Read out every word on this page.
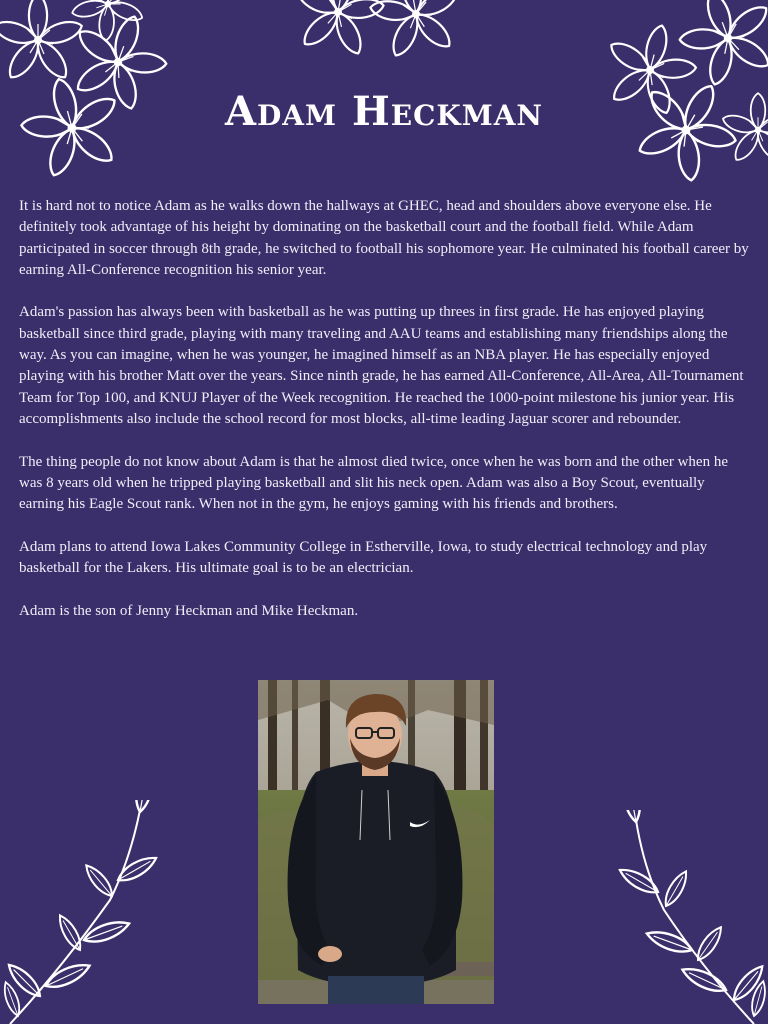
Adam Heckman

It is hard not to notice Adam as he walks down the hallways at GHEC, head and shoulders above everyone else. He definitely took advantage of his height by dominating on the basketball court and the football field. While Adam participated in soccer through 8th grade, he switched to football his sophomore year. He culminated his football career by earning All-Conference recognition his senior year.

Adam's passion has always been with basketball as he was putting up threes in first grade. He has enjoyed playing basketball since third grade, playing with many traveling and AAU teams and establishing many friendships along the way. As you can imagine, when he was younger, he imagined himself as an NBA player. He has especially enjoyed playing with his brother Matt over the years. Since ninth grade, he has earned All-Conference, All-Area, All-Tournament Team for Top 100, and KNUJ Player of the Week recognition. He reached the 1000-point milestone his junior year. His accomplishments also include the school record for most blocks, all-time leading Jaguar scorer and rebounder.

The thing people do not know about Adam is that he almost died twice, once when he was born and the other when he was 8 years old when he tripped playing basketball and slit his neck open. Adam was also a Boy Scout, eventually earning his Eagle Scout rank. When not in the gym, he enjoys gaming with his friends and brothers.

Adam plans to attend Iowa Lakes Community College in Estherville, Iowa, to study electrical technology and play basketball for the Lakers. His ultimate goal is to be an electrician.

Adam is the son of Jenny Heckman and Mike Heckman.
